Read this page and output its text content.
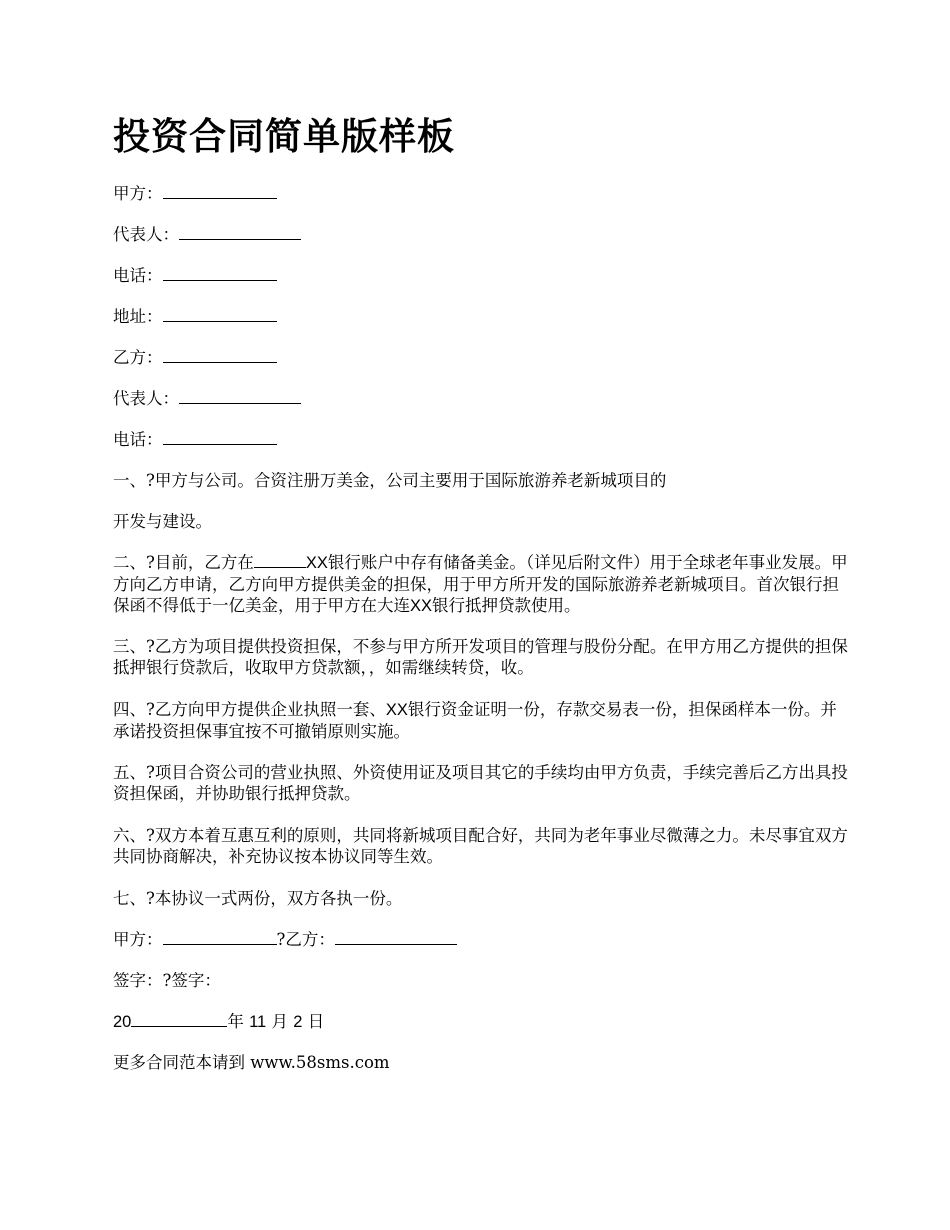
投资合同简单版样板
甲方：
代表人：
电话：
地址：
乙方：
代表人：
电话：
一、?甲方与公司。合资注册万美金，公司主要用于国际旅游养老新城项目的
开发与建设。
二、?目前，乙方在	XX银行账户中存有储备美金。（详见后附文件）用于全球老年事业发展。甲方向乙方申请，乙方向甲方提供美金的担保，用于甲方所开发的国际旅游养老新城项目。首次银行担保函不得低于一亿美金，用于甲方在大连XX银行抵押贷款使用。
三、?乙方为项目提供投资担保，不参与甲方所开发项目的管理与股份分配。在甲方用乙方提供的担保抵押银行贷款后，收取甲方贷款额，，如需继续转贷，收。
四、?乙方向甲方提供企业执照一套、XX银行资金证明一份，存款交易表一份，担保函样本一份。并承诺投资担保事宜按不可撤销原则实施。
五、?项目合资公司的营业执照、外资使用证及项目其它的手续均由甲方负责，手续完善后乙方出具投资担保函，并协助银行抵押贷款。
六、?双方本着互惠互利的原则，共同将新城项目配合好，共同为老年事业尽微薄之力。未尽事宜双方共同协商解决，补充协议按本协议同等生效。
七、?本协议一式两份，双方各执一份。
甲方：	?乙方：
签字：?签字：
20	年 11 月 2 日
更多合同范本请到 www.58sms.com
